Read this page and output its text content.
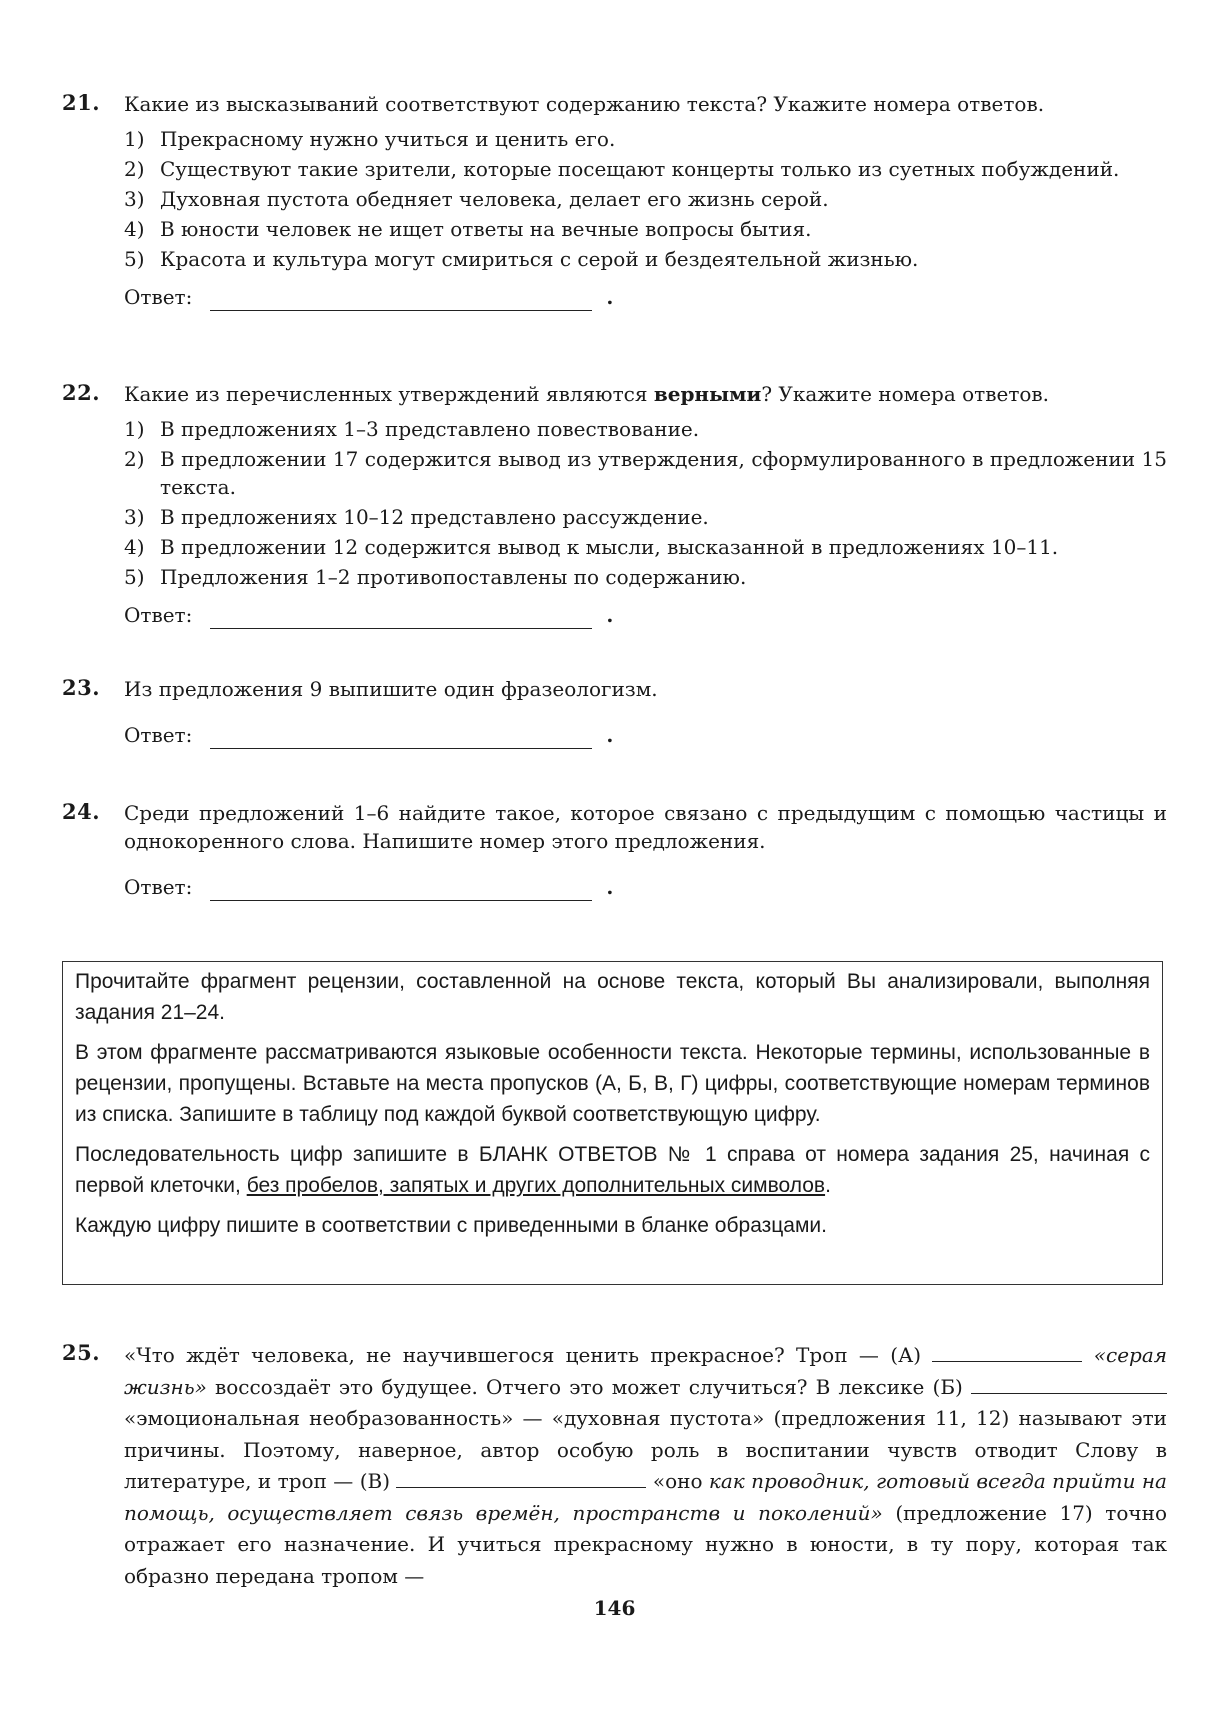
21. Какие из высказываний соответствуют содержанию текста? Укажите номера ответов.
1) Прекрасному нужно учиться и ценить его.
2) Существуют такие зрители, которые посещают концерты только из суетных побуждений.
3) Духовная пустота обедняет человека, делает его жизнь серой.
4) В юности человек не ищет ответы на вечные вопросы бытия.
5) Красота и культура могут смириться с серой и бездеятельной жизнью.
Ответ:	.
22. Какие из перечисленных утверждений являются верными? Укажите номера ответов.
1) В предложениях 1–3 представлено повествование.
2) В предложении 17 содержится вывод из утверждения, сформулированного в предложении 15 текста.
3) В предложениях 10–12 представлено рассуждение.
4) В предложении 12 содержится вывод к мысли, высказанной в предложениях 10–11.
5) Предложения 1–2 противопоставлены по содержанию.
Ответ:	.
23. Из предложения 9 выпишите один фразеологизм.
Ответ:	.
24. Среди предложений 1–6 найдите такое, которое связано с предыдущим с помощью частицы и однокоренного слова. Напишите номер этого предложения.
Ответ:	.

Прочитайте фрагмент рецензии, составленной на основе текста, который Вы анализировали, выполняя задания 21–24.

В этом фрагменте рассматриваются языковые особенности текста. Некоторые термины, использованные в рецензии, пропущены. Вставьте на места пропусков (А, Б, В, Г) цифры, соответствующие номерам терминов из списка. Запишите в таблицу под каждой буквой соответствующую цифру.

Последовательность цифр запишите в БЛАНК ОТВЕТОВ № 1 справа от номера задания 25, начиная с первой клеточки, без пробелов, запятых и других дополнительных символов.

Каждую цифру пишите в соответствии с приведенными в бланке образцами.

25. «Что ждёт человека, не научившегося ценить прекрасное? Троп — (А)	«серая жизнь» воссоздаёт это будущее. Отчего это может случиться? В лексике (Б)  «эмоциональная необразованность» — «духовная пустота» (предложения 11, 12) называют эти причины. Поэтому, наверное, автор особую роль в воспитании чувств отводит Слову в литературе, и троп — (В)	«оно как проводник, готовый всегда прийти на помощь, осуществляет связь времён, пространств и поколений» (предложение 17) точно отражает его назначение. И учиться прекрасному нужно в юности, в ту пору, которая так образно передана тропом —
146
